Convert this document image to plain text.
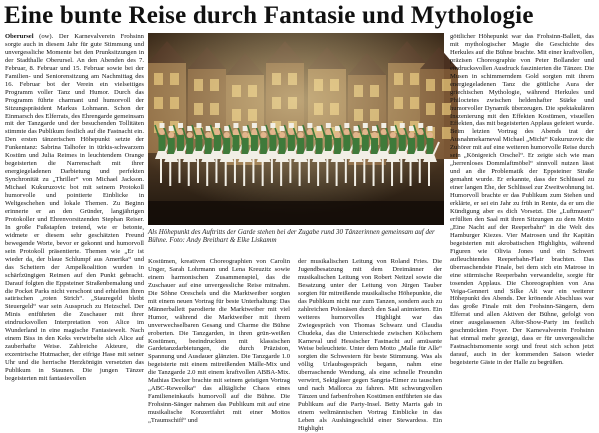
Eine bunte Reise durch Fantasie und Mythologie

Oberursel (ow). Der Karnevalverein Frohsinn sorgte auch in diesem Jahr für gute Stimmung und unvergessliche Momente bei den Prunksitzungen in der Stadthalle Oberursel. An den Abenden des 7. Februar, 8. Februar und 15. Februar sowie bei der Familien- und Seniorensitzung am Nachmittag des 16. Februar bot der Verein ein vielseitiges Programm voller Tanz und Humor. Durch das Programm führte charmant und humorvoll der Sitzungspräsident Markus Lohmann. Schon der Einmarsch des Elferrats, des Ehrengarde gemeinsam mit der Tanzgarde und der besuchenden Tollitäten stimmte das Publikum festlich auf die Fastnacht ein. Den ersten tänzerischen Höhepunkt setzte der Funkentanz: Sabrina Talhofer in türkis-schwarzem Kostüm und Julia Reimes in leuchtendem Orange begeisterten die Narrenschaft mit ihrer energiegeladenen Darbietung und perfekten Synchronität zu „Thriller“ von Michael Jackson. Michael Kukuruzovic bot mit seinem Protokoll humorvolle und pointierte Einblicke in Weltgeschehen und lokale Themen. Zu Beginn erinnerte er an den Gründer, langjährigen Protokoller und Ehrenvorsitzenden Stephan Reiser. In große Fußstapfen tretend, wie er betonte, widmete er diesem sehr geschätzten Freund bewegende Worte, bevor er gekonnt und humorvoll sein Protokoll präsentierte. Themen wie „Er ist wieder da, der blaue Schlumpf aus Amerika“ und das Scheitern der Ampelkoalition wurden in schärfzüngigen Reimen auf den Punkt gebracht. Darauf folgten die Eppsteiner Straßenbemalung und die Pocket Parks nicht verschont und erhielten ihren satirischen „roten Strich“. „Stauregeld bleibt Steuergeld“ war sein Ausspruch zu Heizschel. Der Minis entführten die Zuschauer mit ihrer eindrucksvollen Interpretation von Alice im Wunderland in eine magische Fantasiewelt. Nach einem Biss in den Keks verwirbelte sich Alice auf zauberhafte Weise. Zahlreiche Akteure, die exzentrische Hutmacher, der eifrige Hase mit seiner Uhr und die herrische Herzkönigin versetzten das Publikum in Staunen. Die jungen Tänzer begeisterten mit fantasievollen

Als Höhepunkt des Auftritts der Garde stehen bei der Zugabe rund 30 Tänzerinnen gemeinsam auf der Bühne. Foto: Andy Breithart & Elke Liskamm

Kostümen, kreativen Choreographien von Carolin Unger, Sarah Lohrmann und Lena Kreuzitz sowie einem harmonischen Zusammenspiel, das die Zuschauer auf eine unvergessliche Reise mitnahm. Die Söhne Oreschels und die Marktweiber sorgten mit einem neuen Vortrag für beste Unterhaltung: Das Männerballett parodierte die Marktweiber mit viel Humor, während die Marktweiber mit ihrem unverwechselbaren Gesang und Charme die Bühne eroberten. Die Tanzgarden, in ihren grün-weißen Kostümen, beeindruckten mit klassischen Gardetanzdarbietungen, die durch Präzision, Spannung und Ausdauer glänzten. Die Tanzgarde 1.0 begeisterte mit einem mitreißenden Mälle-Mix und die Tanzgarde 2.0 mit einem kraftvollen ABBA-Mix. Mathias Decker brachte mit seinem geistigen Vortrag „ABC-Reweolka“ das alltägliche Chaos eines Familieneinkaufs humorvoll auf die Bühne. Die Frohsinn-Sänger nahmen das Publikum mit auf eine musikalische Konzertfahrt mit einer Mottos „Traumschiff“ und

der musikalischen Leitung von Roland Fries. Die Jugendbesatzung mit dem Dreimänner der musikalischen Leitung von Robert Neitzel sowie die Besatzung unter der Leitung von Jürgen Tauber sorgten für mitreißende musikalische Höhepunkte, die das Publikum nicht nur zum Tanzen, sondern auch zu zahlreichen Polonäsen durch den Saal animierten. Ein weiteres humorvolles Highlight war das Zwiegespräch von Thomas Schwarz und Claudia Chudeka, das die Unterschiede zwischen Kölschem Karneval und Hessischer Fastnacht auf amüsante Weise beleuchtete. Unter dem Motto „Malle für Alle“ sorgten die Schwestern für beste Stimmung. Was als völlig Urlaubsgespräch begann, nahm eine überraschende Wendung, als eine schnelle Freundin verwirrt, Sektgläser gegen Sangria-Eimer zu tauschen und nach Mallorca zu fahren. Mit schwungvollen Tänzen und farbenfrohen Kostümen entführten sie das Publikum auf die Party-Insel. Betty Marris gab in einem weltmännischen Vortrag Einblicke in das Leben als Aushängeschild einer Stewardess. Ein Highlight

göttlicher Höhepunkt war das Frohsinn-Ballett, das mit mythologischer Magie die Geschichte des Herkules auf die Bühne brachte. Mit einer kraftvollen, präzisen Choreographie von Peter Bollander und eindrucksvollen Ausdruck faszinierten die Tänzer. Die Musen in schimmerndem Gold sorgten mit ihrem energiegeladenen Tanz die göttliche Aura der griechischen Mythologie, während Herkules und Philoctetes zwischen heldenhafter Stärke und humorvoller Dynamik überzeugen. Die spektakulären Inszenierung mit den Effekten Kostümen, visuellen Effekten, das mit begeisterten Applaus gefeiert wurde. Beim letzten Vortrag des Abends trat der Ausnahmekarneval Michael „Michi“ Kukuruzovic die Zuhörer mit auf eine weiteren humorvolle Reise durch sein „Königreich Orschel“. Er zeigte sich wie man „herrenloses Dommlaftmöbel“ sinnvoll nutzen lässt und an die Problematik der Eppsteiner Straße gemahnt wurde. Er erkannte, dass der Schlüssel zu einer langen Ehe, der Schlüssel zur Zweitwohnung ist. Humorvoll brachte er das Publikum zum Stehen und erklärte, er sei ein Jahr zu früh in Rente, da er um die Kündigung aber es dich Vorsetzt. Die „Luftmusen“ erfüllten den Saal mit ihren Sitzungen zu dem Motto „Eine Nacht auf der Reeperbahn“ in die Welt des Hamburger Kiezes. Vier Matrosen und ihr Kapitän begeisterten mit akrobatischen Highlights, während Figuren wie Olivia Jones und ein Schwert aufleuchtendes Reeperbahn-Flair brachten. Das überraschendste Finale, bei dem sich ein Matrose in eine stürmische Reeperbahn verwandelte, sorgte für tosenden Applaus. Die Choreographien von Ana Veiga-Gennert und Silke Alt war ein weiterer Höhepunkt des Abends. Der krönende Abschluss war das große Finale mit den Frohsinn-Sängern, dem Elferrat und allen Aktiven der Bühne, gefolgt von einer ausgelassenen After-Show-Party im festlich geschmückten Foyer. Der Karnevalverein Frohsinn hat einmal mehr gezeigt, dass er für unvergessliche Fastnachtsmomente sorgt und freut sich schon jetzt darauf, auch in der kommenden Saison wieder begeisterte Gäste in der Halle zu begrüßen.
